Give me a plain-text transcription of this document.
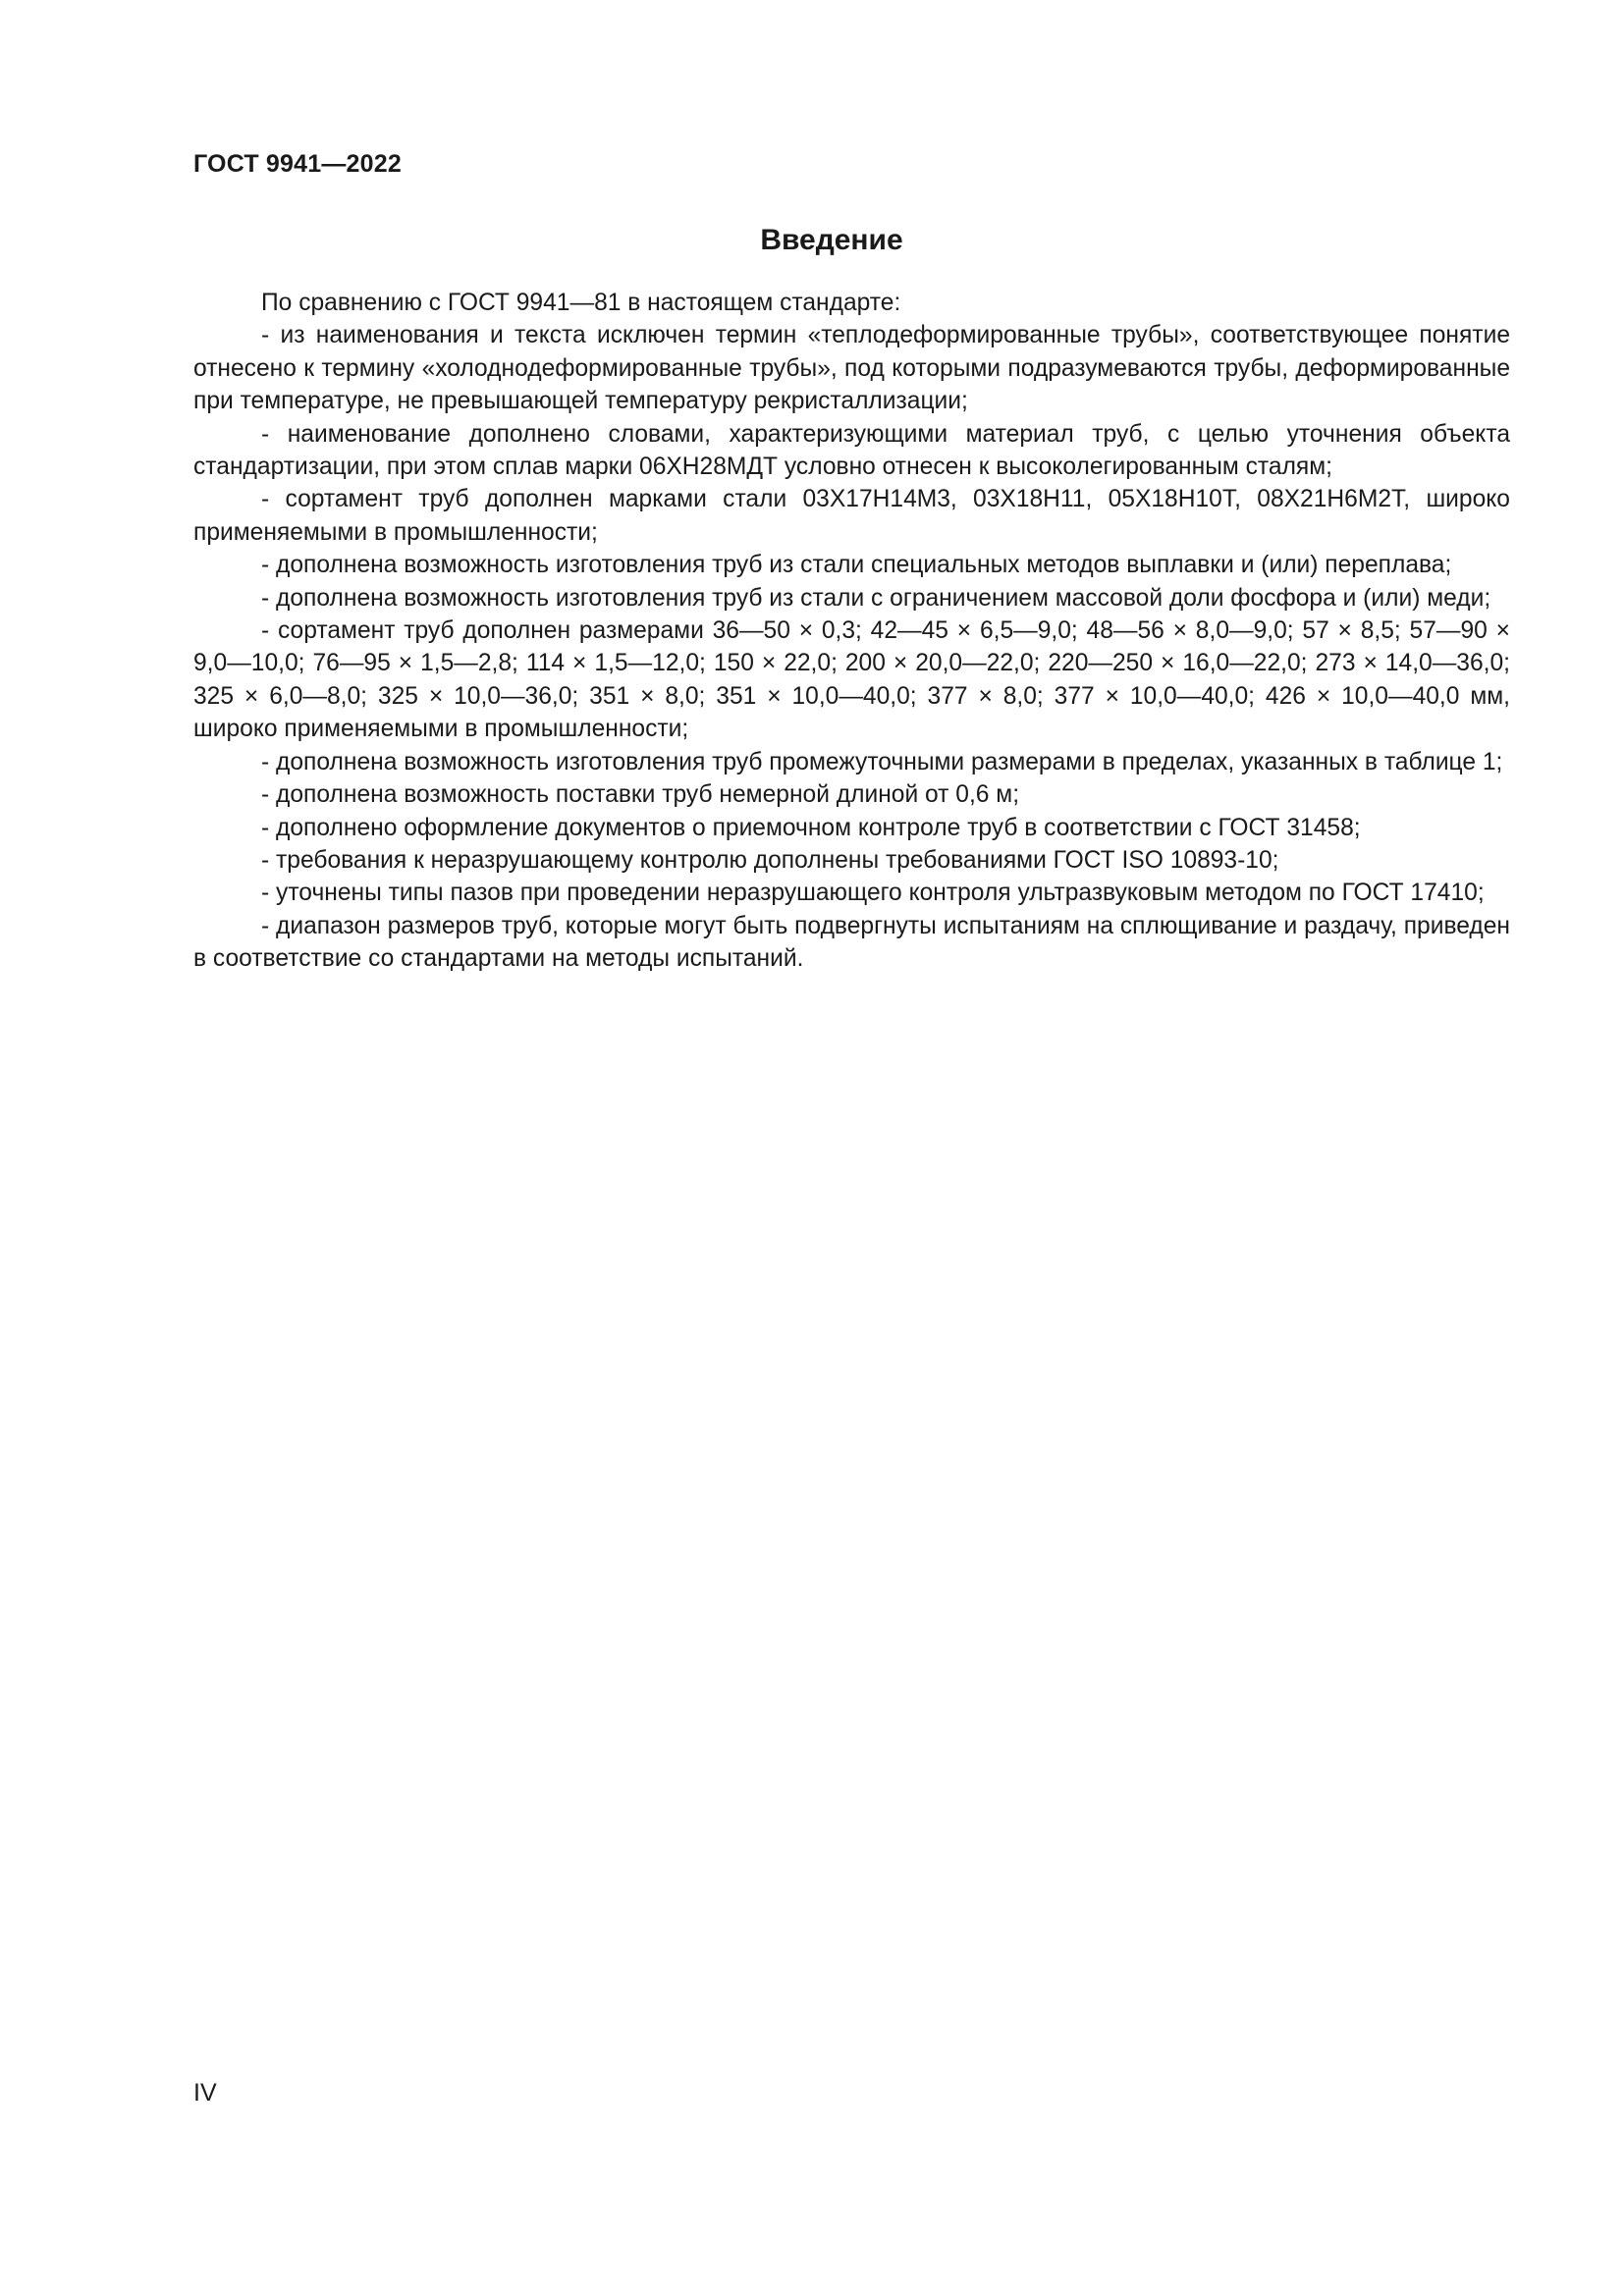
ГОСТ 9941—2022
Введение

По сравнению с ГОСТ 9941—81 в настоящем стандарте:

- из наименования и текста исключен термин «теплодеформированные трубы», соответствующее понятие отнесено к термину «холоднодеформированные трубы», под которыми подразумеваются трубы, деформированные при температуре, не превышающей температуру рекристаллизации;

- наименование дополнено словами, характеризующими материал труб, с целью уточнения объекта стандартизации, при этом сплав марки 06ХН28МДТ условно отнесен к высоколегированным сталям;

- сортамент труб дополнен марками стали 03Х17Н14М3, 03Х18Н11, 05Х18Н10Т, 08Х21Н6М2Т, широко применяемыми в промышленности;

- дополнена возможность изготовления труб из стали специальных методов выплавки и (или) переплава;

- дополнена возможность изготовления труб из стали с ограничением массовой доли фосфора и (или) меди;

- сортамент труб дополнен размерами 36—50 × 0,3; 42—45 × 6,5—9,0; 48—56 × 8,0—9,0; 57 × 8,5; 57—90 × 9,0—10,0; 76—95 × 1,5—2,8; 114 × 1,5—12,0; 150 × 22,0; 200 × 20,0—22,0; 220—250 × 16,0—22,0; 273 × 14,0—36,0; 325 × 6,0—8,0; 325 × 10,0—36,0; 351 × 8,0; 351 × 10,0—40,0; 377 × 8,0; 377 × 10,0—40,0; 426 × 10,0—40,0 мм, широко применяемыми в промышленности;

- дополнена возможность изготовления труб промежуточными размерами в пределах, указанных в таблице 1;

- дополнена возможность поставки труб немерной длиной от 0,6 м;

- дополнено оформление документов о приемочном контроле труб в соответствии с ГОСТ 31458;

- требования к неразрушающему контролю дополнены требованиями ГОСТ ISO 10893-10;

- уточнены типы пазов при проведении неразрушающего контроля ультразвуковым методом по ГОСТ 17410;

- диапазон размеров труб, которые могут быть подвергнуты испытаниям на сплющивание и раздачу, приведен в соответствие со стандартами на методы испытаний.

IV
